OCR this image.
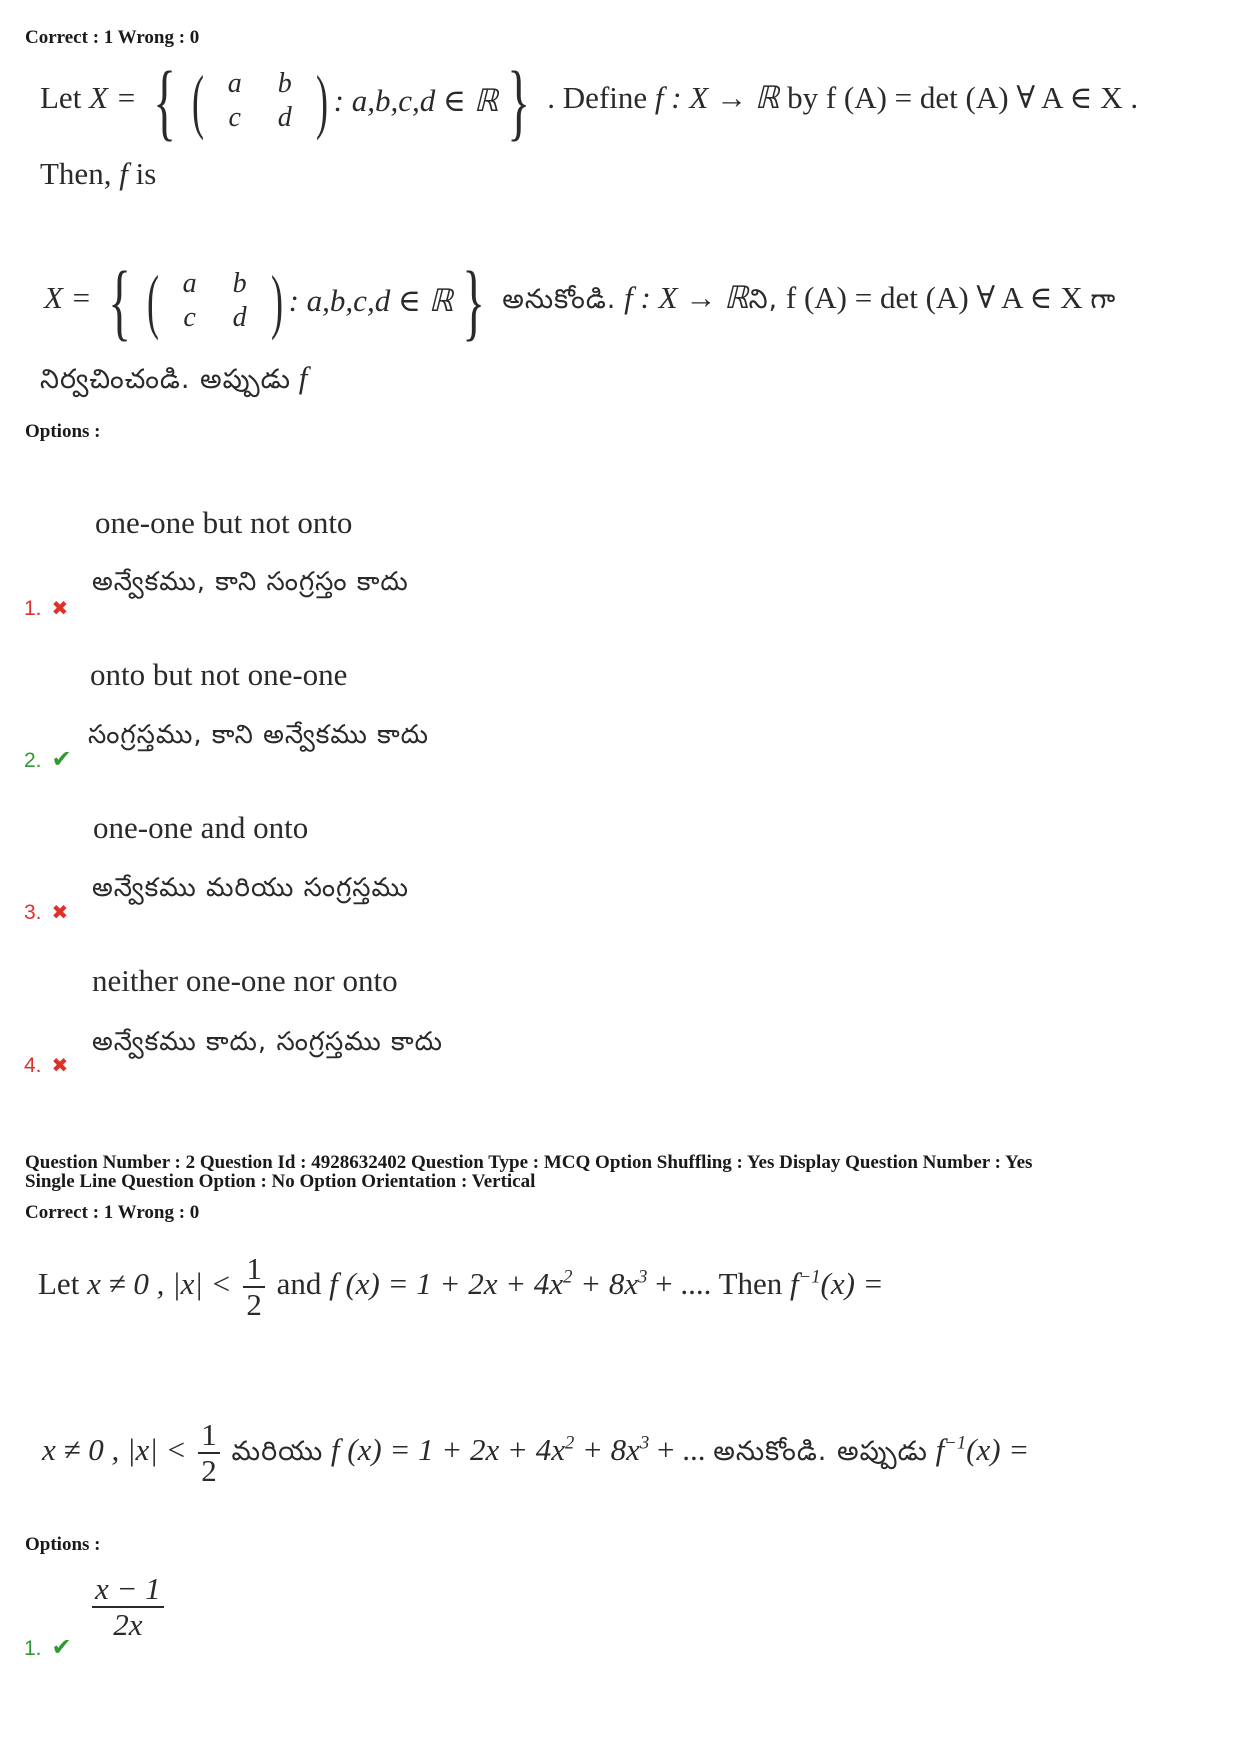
Correct : 1 Wrong : 0
Let X = { ( a	b
c	d ) : a,b,c,d ∈ ℝ } . Define f : X → ℝ by f (A) = det (A) ∀ A ∈ X .
Then, f is
X = { ( a	b
c	d ) : a,b,c,d ∈ ℝ } అనుకోండి. f : X → ℝని, f (A) = det (A) ∀ A ∈ X గా
నిర్వచించండి. అప్పుడు f
Options :
one-one but not onto
అన్వేకము, కాని సంగ్రస్తం కాదు
1. ✖
onto but not one-one
సంగ్రస్తము, కాని అన్వేకము కాదు
2. ✔
one-one and onto
అన్వేకము మరియు సంగ్రస్తము
3. ✖
neither one-one nor onto
అన్వేకము కాదు, సంగ్రస్తము కాదు
4. ✖
Question Number : 2 Question Id : 4928632402 Question Type : MCQ Option Shuffling : Yes Display Question Number : Yes
Single Line Question Option : No Option Orientation : Vertical
Correct : 1 Wrong : 0
Let x ≠ 0 , $|x| < \frac{1}{2}$ and f $(x) = 1 + 2x + 4x^2 + 8x^3$ + .... Then $f^{-1}(x)$ =
x ≠ 0 , $|x| < \frac{1}{2}$ మరియు f $(x) = 1 + 2x + 4x^2 + 8x^3$ + ... అనుకోండి. అప్పుడు $f^{-1}(x)$ =
Options :
$\frac{x - 1}{2x}$
1. ✔
